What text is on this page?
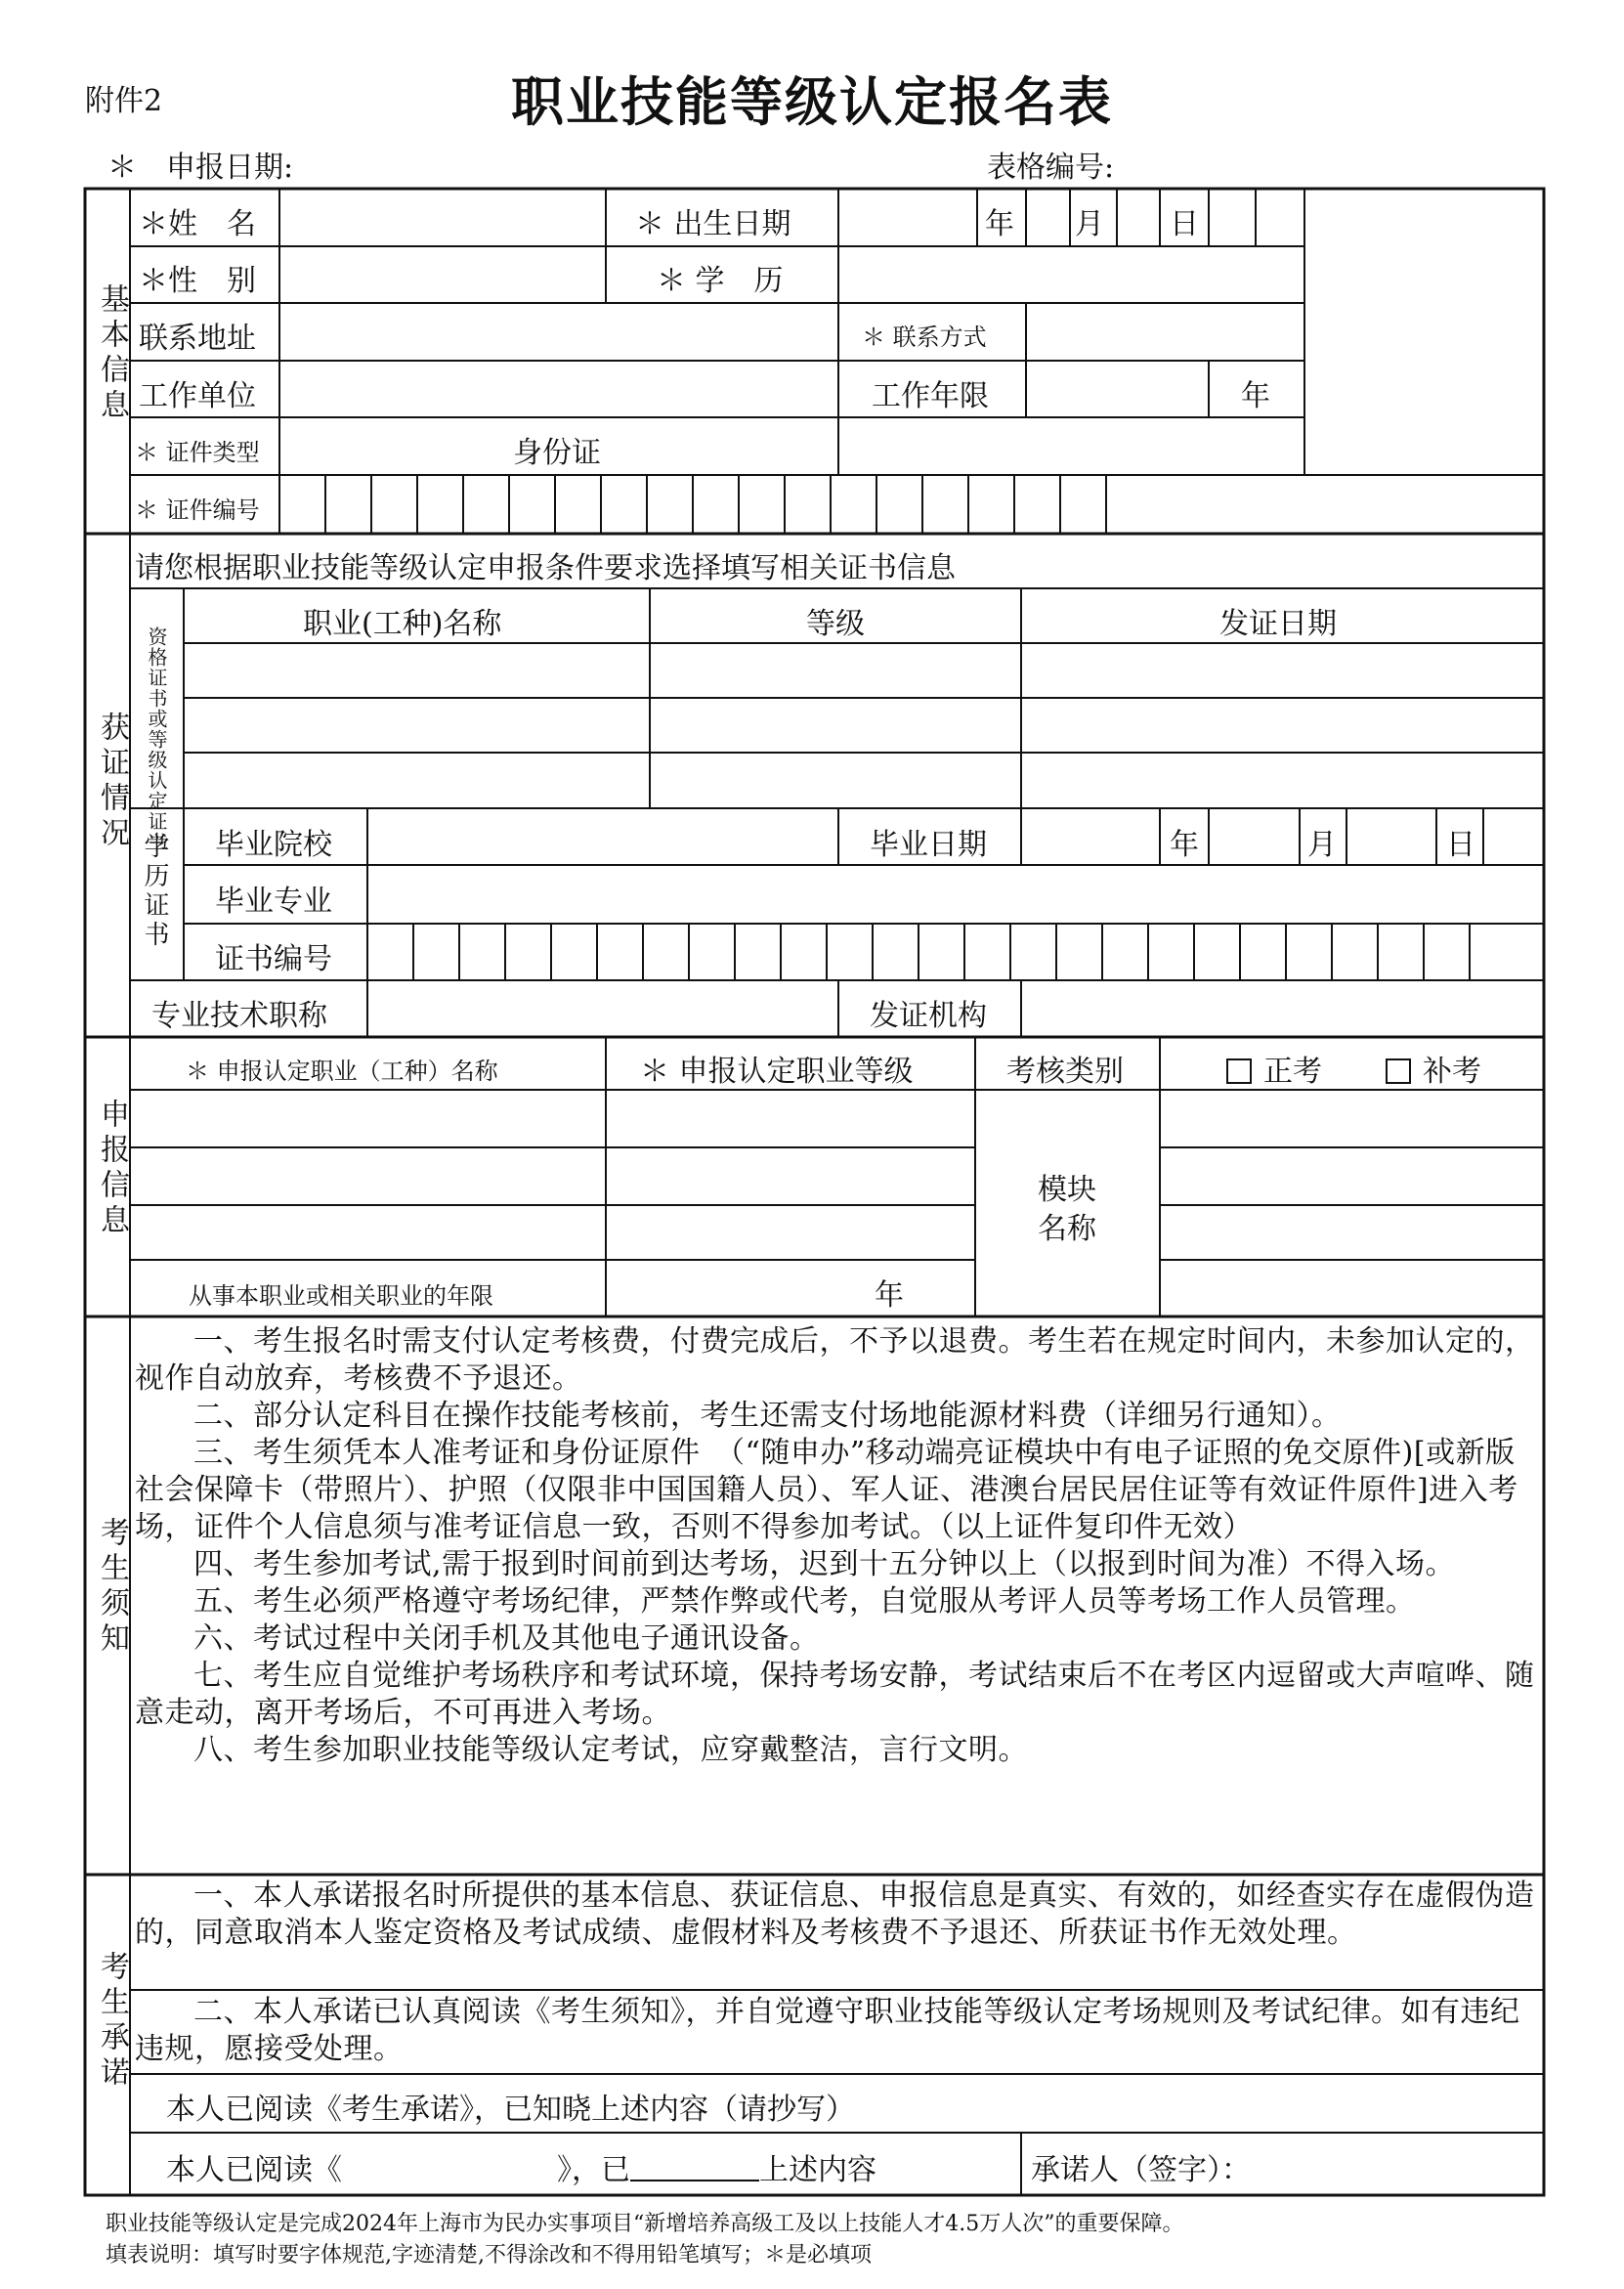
附件2	职业技能等级认定报名表
＊　申报日期:	表格编号:
基本信息
＊姓　名	＊ 出生日期	年 月 日
＊性　别	＊ 学　历
联系地址	＊ 联系方式
工作单位	工作年限	年
＊ 证件类型	身份证
＊ 证件编号
获证情况
请您根据职业技能等级认定申报条件要求选择填写相关证书信息
资格证书或等级认定证书
职业(工种)名称	等级	发证日期
学历证书 毕业院校	毕业日期	年	月	日
毕业专业
证书编号
专业技术职称	发证机构
申报信息
＊ 申报认定职业（工种）名称	＊ 申报认定职业等级	考核类别	正考	补考
模块
名称
从事本职业或相关职业的年限	年
考生须知

一、考生报名时需支付认定考核费，付费完成后，不予以退费。考生若在规定时间内，未参加认定的，视作自动放弃，考核费不予退还。

二、部分认定科目在操作技能考核前，考生还需支付场地能源材料费（详细另行通知）。

三、考生须凭本人准考证和身份证原件　（“随申办”移动端亮证模块中有电子证照的免交原件)[或新版社会保障卡（带照片）、护照（仅限非中国国籍人员）、军人证、港澳台居民居住证等有效证件原件]进入考场，证件个人信息须与准考证信息一致，否则不得参加考试。（以上证件复印件无效）

四、考生参加考试,需于报到时间前到达考场，迟到十五分钟以上（以报到时间为准）不得入场。

五、考生必须严格遵守考场纪律，严禁作弊或代考，自觉服从考评人员等考场工作人员管理。

六、考试过程中关闭手机及其他电子通讯设备。

七、考生应自觉维护考场秩序和考试环境，保持考场安静，考试结束后不在考区内逗留或大声喧哗、随意走动，离开考场后，不可再进入考场。

八、考生参加职业技能等级认定考试，应穿戴整洁，言行文明。

考生承诺

一、本人承诺报名时所提供的基本信息、获证信息、申报信息是真实、有效的，如经查实存在虚假伪造的，同意取消本人鉴定资格及考试成绩、虚假材料及考核费不予退还、所获证书作无效处理。

二、本人承诺已认真阅读《考生须知》，并自觉遵守职业技能等级认定考场规则及考试纪律。如有违纪违规，愿接受处理。

本人已阅读《考生承诺》，已知晓上述内容（请抄写）
本人已阅读《	》，已	上述内容	承诺人（签字）：
职业技能等级认定是完成2024年上海市为民办实事项目“新增培养高级工及以上技能人才4.5万人次”的重要保障。
填表说明：填写时要字体规范,字迹清楚,不得涂改和不得用铅笔填写；＊是必填项
